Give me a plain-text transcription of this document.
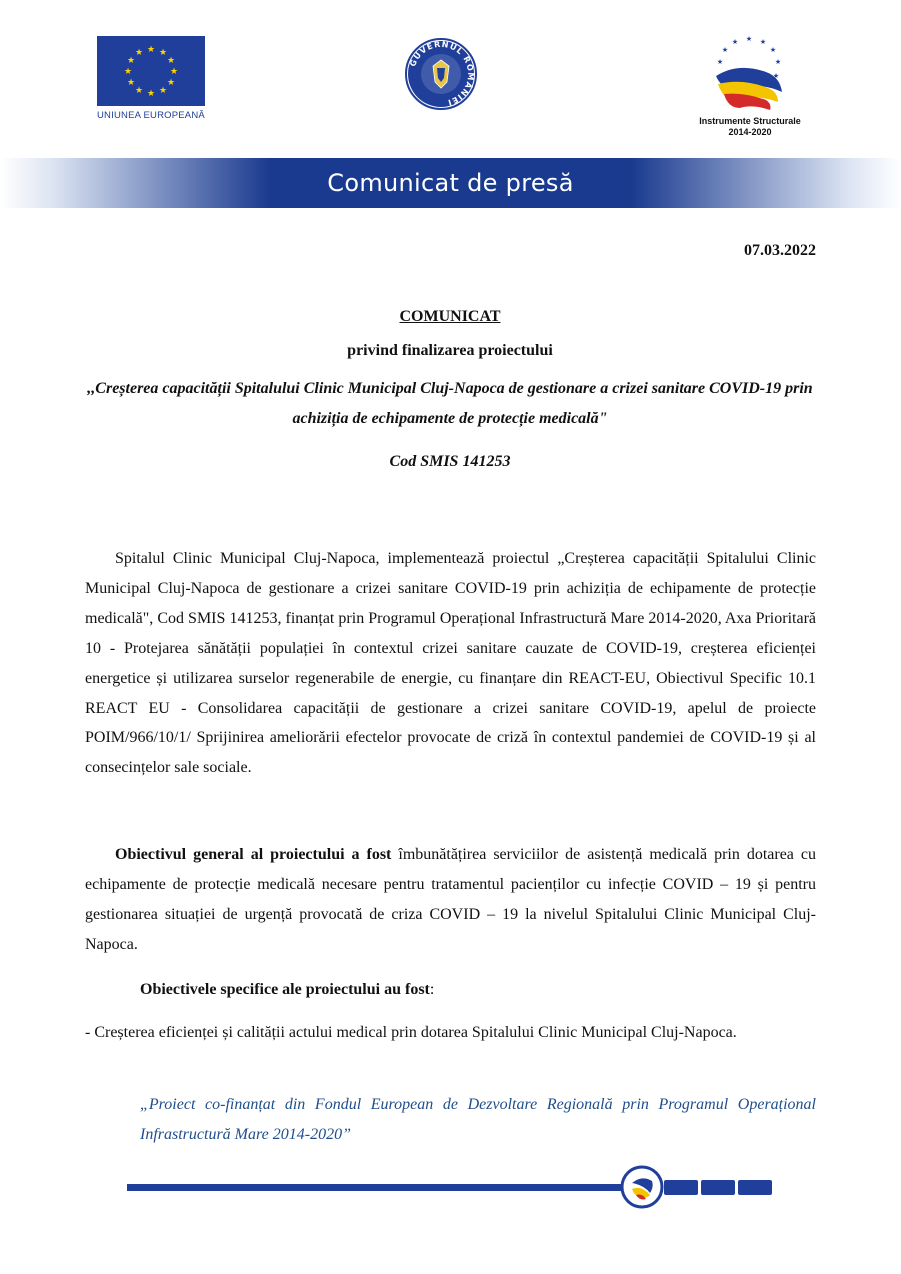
★ ★
★
★
★
★
★
★
★
★
★
★
UNIUNEA EUROPEANĂ
GUVERNUL ROMÂNIEI
★ ★
★
★
★
★
★
★
Instrumente Structurale
2014-2020
Comunicat de presă
07.03.2022
COMUNICAT
privind finalizarea proiectului
,,Creșterea capacității Spitalului Clinic Municipal Cluj-Napoca de gestionare a crizei sanitare COVID-19 prin achiziția de echipamente de protecție medicală"
Cod SMIS 141253
Spitalul Clinic Municipal Cluj-Napoca, implementează proiectul „Creșterea capacității Spitalului Clinic Municipal Cluj-Napoca de gestionare a crizei sanitare COVID-19 prin achiziția de echipamente de protecție medicală", Cod SMIS 141253, finanțat prin Programul Operațional Infrastructură Mare 2014-2020, Axa Prioritară 10 - Protejarea sănătății populației în contextul crizei sanitare cauzate de COVID-19, creșterea eficienței energetice și utilizarea surselor regenerabile de energie, cu finanțare din REACT-EU, Obiectivul Specific 10.1 REACT EU - Consolidarea capacității de gestionare a crizei sanitare COVID-19, apelul de proiecte POIM/966/10/1/ Sprijinirea ameliorării efectelor provocate de criză în contextul pandemiei de COVID-19 și al consecințelor sale sociale.
Obiectivul general al proiectului a fost îmbunătățirea serviciilor de asistență medicală prin dotarea cu echipamente de protecție medicală necesare pentru tratamentul pacienților cu infecție COVID – 19 și pentru gestionarea situației de urgență provocată de criza COVID – 19 la nivelul Spitalului Clinic Municipal Cluj-Napoca.
Obiectivele specifice ale proiectului au fost:
- Creșterea eficienței și calității actului medical prin dotarea Spitalului Clinic Municipal Cluj-Napoca.
„Proiect co-finanțat din Fondul European de Dezvoltare Regională prin Programul Operațional Infrastructură Mare 2014-2020”
